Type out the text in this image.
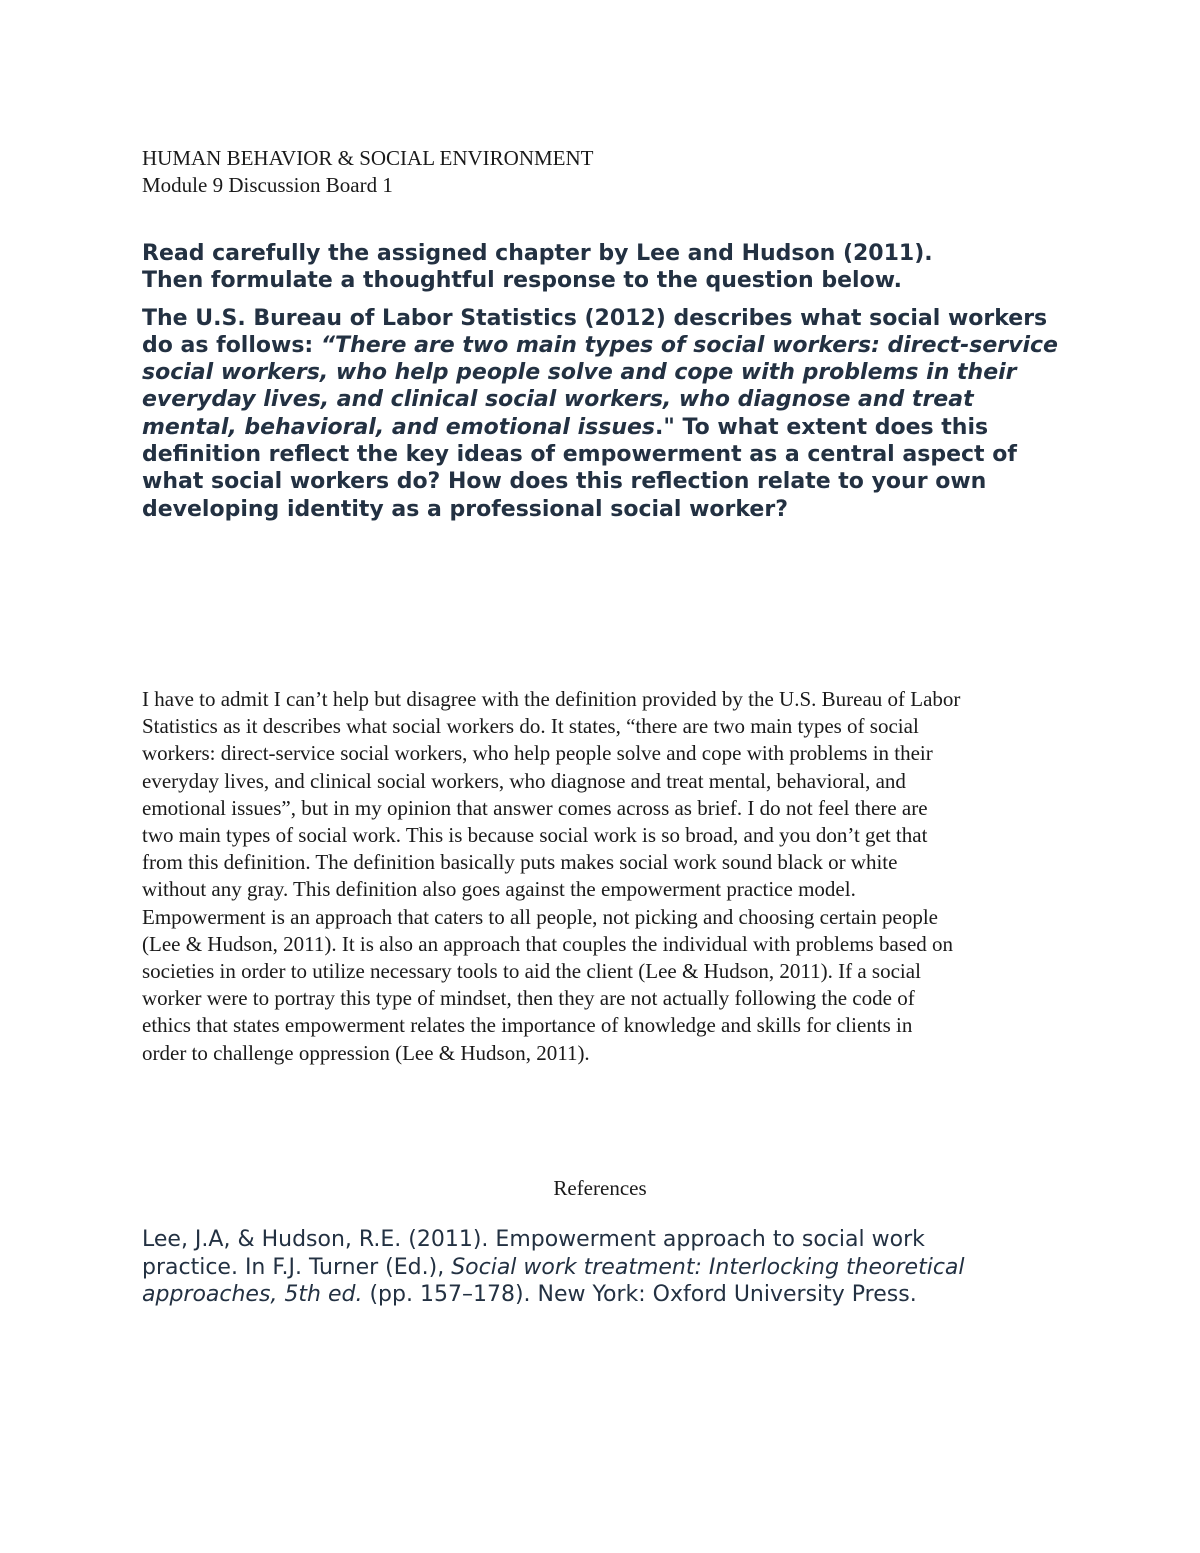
HUMAN BEHAVIOR & SOCIAL ENVIRONMENT
Module 9 Discussion Board 1

Read carefully the assigned chapter by Lee and Hudson (2011).
Then formulate a thoughtful response to the question below.

The U.S. Bureau of Labor Statistics (2012) describes what social workers do as follows: “There are two main types of social workers: direct-service social workers, who help people solve and cope with problems in their everyday lives, and clinical social workers, who diagnose and treat mental, behavioral, and emotional issues." To what extent does this definition reflect the key ideas of empowerment as a central aspect of what social workers do? How does this reflection relate to your own developing identity as a professional social worker?

I have to admit I can’t help but disagree with the definition provided by the U.S. Bureau of Labor
Statistics as it describes what social workers do. It states, “there are two main types of social
workers: direct-service social workers, who help people solve and cope with problems in their
everyday lives, and clinical social workers, who diagnose and treat mental, behavioral, and
emotional issues”, but in my opinion that answer comes across as brief. I do not feel there are
two main types of social work. This is because social work is so broad, and you don’t get that
from this definition. The definition basically puts makes social work sound black or white
without any gray. This definition also goes against the empowerment practice model.
Empowerment is an approach that caters to all people, not picking and choosing certain people
(Lee & Hudson, 2011). It is also an approach that couples the individual with problems based on
societies in order to utilize necessary tools to aid the client (Lee & Hudson, 2011). If a social
worker were to portray this type of mindset, then they are not actually following the code of
ethics that states empowerment relates the importance of knowledge and skills for clients in
order to challenge oppression (Lee & Hudson, 2011).

References

Lee, J.A, & Hudson, R.E. (2011). Empowerment approach to social work
practice. In F.J. Turner (Ed.), Social work treatment: Interlocking theoretical
approaches, 5th ed. (pp. 157–178). New York: Oxford University Press.
